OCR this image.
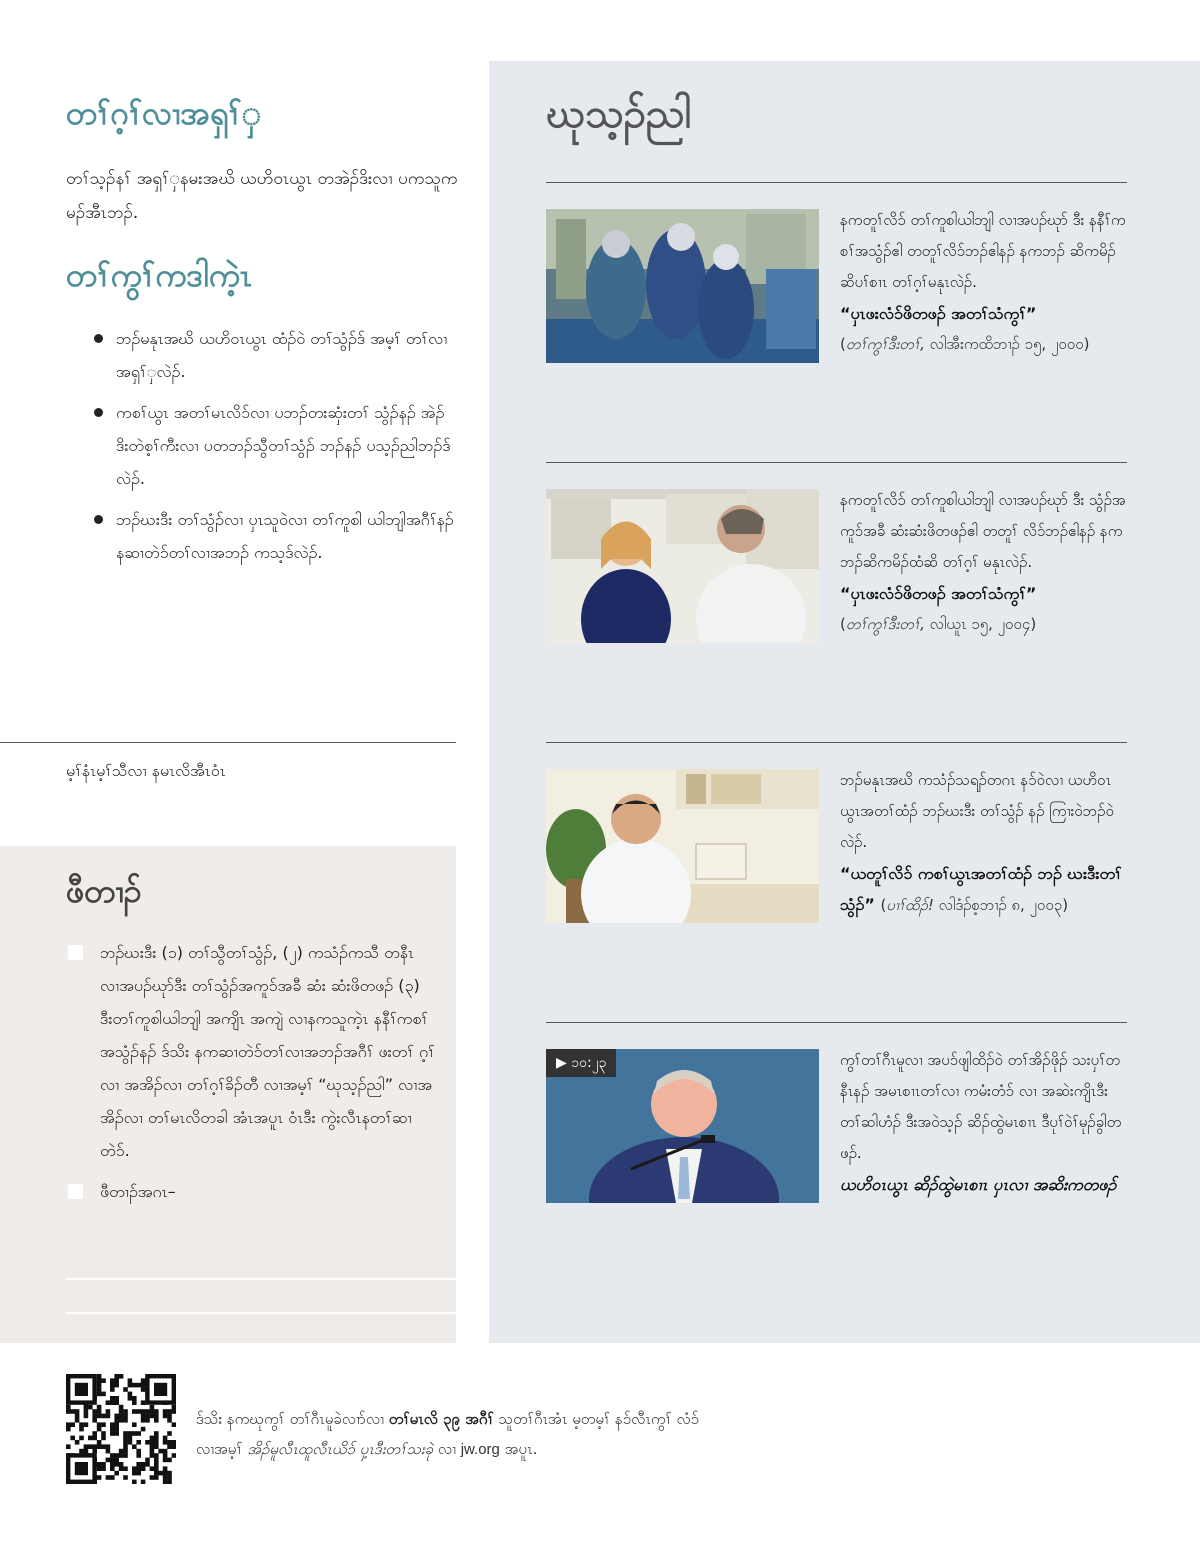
တၢ်ဂ့ၢ်လၢအရှၢ်ှ

တၢ်သ့ၣ်နၢ် အရှၢ်ှနမးအဃိ ယဟိဝၤယွၤ တအဲၣ်ဒိးလၢ ပကသူကမၣ်အီၤဘၣ်.

တၢ်ကွၢ်ကဒါကဲ့ၤ
ဘၣ်မနုၤအဃိ ယဟိဝၤယွၤ ထံၣ်ဝဲ တၢ်သွံၣ်ဒ် အမ့ၢ် တၢ်လၢအရှၢ်ှလဲၣ်.
ကစၢ်ယွၤ အတၢ်မၤလိၥ်လၢ ပဘၣ်တးဆှံးတၢ် သွံၣ်နၣ် အဲၣ်ဒိးတဲစ့ၢ်ကီးလၢ ပတဘၣ်သွီတၢ်သွံၣ် ဘၣ်နၣ် ပသ့ၣ်ညါဘၣ်ဒ်လဲၣ်.
ဘၣ်ဃးဒီး တၢ်သွံၣ်လၢ ပှၤသူဝဲလၢ တၢ်ကူစါ ယါဘျါအဂီၢ်နၣ် နဆၢတဲၥ်တၢ်လၢအဘၣ် ကသ့ဒ်လဲၣ်.

မ့ၢ်နံၤမ့ၢ်သီလၢ နမၤလိအီၤဝံၤ

ဖီတၢၣ်
ဘၣ်ဃးဒီး (၁) တၢ်သွီတၢ်သွံၣ်, (၂) ကသံၣ်ကသီ တနီၤ လၢအပၣ်ဃုာ်ဒီး တၢ်သွံၣ်အကူၥ်အခီ ဆံး ဆံးဖိတဖၣ် (၃) ဒီးတၢ်ကူစါယါဘျါ အကျိၤ အကျဲ လၢနကသူကဲ့ၤ နနီၢ်ကစၢ်အသွံၣ်နၣ် ဒ်သိး နကဆၢတဲၥ်တၢ်လၢအဘၣ်အဂီၢ် ဖးတၢ် ဂ့ၢ်လၢ အအိၣ်လၢ တၢ်ဂ့ၢ်ခိၣ်တီ လၢအမ့ၢ် “ဃုသ့ၣ်ညါ” လၢအအိၣ်လၢ တၢ်မၤလိတခါ အံၤအပူၤ ဝံၤဒီး ကွဲးလီၤနတၢ်ဆၢတဲၥ်.
ဖီတၢၣ်အဂၤ–
ဃုသ့ၣ်ညါ

နကတူၢ်လိၥ် တၢ်ကူစါယါဘျါ လၢအပၣ်ဃုာ် ဒီး နနီၢ်ကစၢ်အသွံၣ်ဧါ တတူၢ်လိၥ်ဘၣ်ဧါနၣ် နကဘၣ် ဆိကမိၣ်ဆိပၢ်စၢၤ တၢ်ဂ့ၢ်မနုၤလဲၣ်.

“ပှၤဖးလံၥ်ဖိတဖၣ် အတၢ်သံကွၢ်”

(တၢ်ကွၢ်ဒီးတၢ်, လါအီးကထိဘၢၣ် ၁၅, ၂၀၀၀)

နကတူၢ်လိၥ် တၢ်ကူစါယါဘျါ လၢအပၣ်ဃုာ် ဒီး သွံၣ်အကူၥ်အခီ ဆံးဆံးဖိတဖၣ်ဧါ တတူၢ် လိၥ်ဘၣ်ဧါနၣ် နကဘၣ်ဆိကမိၣ်ထံဆိ တၢ်ဂ့ၢ် မနုၤလဲၣ်.

“ပှၤဖးလံၥ်ဖိတဖၣ် အတၢ်သံကွၢ်”

(တၢ်ကွၢ်ဒီးတၢ်, လါယူၤ ၁၅, ၂၀၀၄)

ဘၣ်မနုၤအဃိ ကသံၣ်သရၣ်တဂၤ နၥ်ဝဲလၢ ယဟိဝၤယွၤအတၢ်ထံၣ် ဘၣ်ဃးဒီး တၢ်သွံၣ် နၣ် ကြၢးဝဲဘၣ်ဝဲလဲၣ်.

“ယတူၢ်လိၥ် ကစၢ်ယွၤအတၢ်ထံၣ် ဘၣ် ဃးဒီးတၢ်သွံၣ်” (ပၢၢ်ထိၣ်! လါဒံၣ်စ့ဘၢၣ် ၈, ၂၀၀၃)

▶ ၁၀:၂၃	ကွၢ်တၢ်ဂီၤမူလၢ အပၥ်ဖျါထိၣ်ဝဲ တၢ်အိၣ်ဖိုၣ် သးပှၢ်တနီၤနၣ် အမၤစၢၤတၢ်လၢ ကမံးတံၥ် လၢ အဆဲးကျိၤဒီး တၢ်ဆါဟံၣ် ဒီးအဝဲသ့ၣ် ဆိၣ်ထွဲမၤစၢၤ ဒီပုၢ်ဝဲၢ်မုၣ်ခွါတဖၣ်.

ယဟိဝၤယွၤ ဆိၣ်ထွဲမၤစၢၤ ပှၤလၢ အဆိးကတဖၣ်

ဒ်သိး နကဃုကွၢ် တၢ်ဂီၤမူခဲလၢာ်လၢ တၢ်မၤလိ ၃၉ အဂီၢ် သူတၢ်ဂီၤအံၤ မ့တမ့ၢ် နၥ်လီၤကွၢ် လံၥ်လၢအမ့ၢ် အိၣ်မူလီၤထူလီၤယိၥ် ပှ့ၤဒီးတၢ်သးခုဲ လၢ jw.org အပူၤ.
